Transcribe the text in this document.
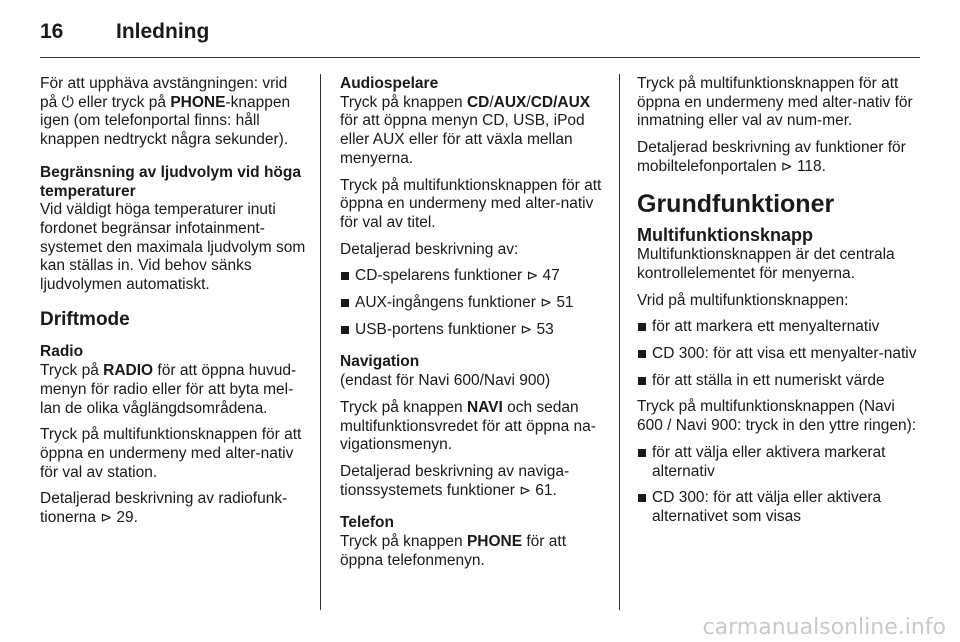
16	Inledning

För att upphäva avstängningen: vrid på ⏻ eller tryck på PHONE-knappen igen (om telefonportal finns: håll knappen nedtryckt några sekunder).

Begränsning av ljudvolym vid höga temperaturer

Vid väldigt höga temperaturer inuti fordonet begränsar infotainment-systemet den maximala ljudvolym som kan ställas in. Vid behov sänks ljudvolymen automatiskt.

Driftmode
Radio

Tryck på RADIO för att öppna huvud-menyn för radio eller för att byta mel-lan de olika våglängdsområdena.

Tryck på multifunktionsknappen för att öppna en undermeny med alter-nativ för val av station.

Detaljerad beskrivning av radiofunk-tionerna ⊳ 29.

Audiospelare

Tryck på knappen CD/AUX/CD/AUX för att öppna menyn CD, USB, iPod eller AUX eller för att växla mellan menyerna.

Tryck på multifunktionsknappen för att öppna en undermeny med alter-nativ för val av titel.

Detaljerad beskrivning av:

CD-spelarens funktioner ⊳ 47
AUX-ingångens funktioner ⊳ 51
USB-portens funktioner ⊳ 53
Navigation

(endast för Navi 600/Navi 900)

Tryck på knappen NAVI och sedan multifunktionsvredet för att öppna na-vigationsmenyn.

Detaljerad beskrivning av naviga-tionssystemets funktioner ⊳ 61.

Telefon

Tryck på knappen PHONE för att öppna telefonmenyn.

Tryck på multifunktionsknappen för att öppna en undermeny med alter-nativ för inmatning eller val av num-mer.

Detaljerad beskrivning av funktioner för mobiltelefonportalen ⊳ 118.

Grundfunktioner
Multifunktionsknapp

Multifunktionsknappen är det centrala kontrollelementet för menyerna.

Vrid på multifunktionsknappen:

för att markera ett menyalternativ
CD 300: för att visa ett menyalter-nativ
för att ställa in ett numeriskt värde

Tryck på multifunktionsknappen (Navi 600 / Navi 900: tryck in den yttre ringen):

för att välja eller aktivera markerat alternativ
CD 300: för att välja eller aktivera alternativet som visas
carmanualsonline.info
